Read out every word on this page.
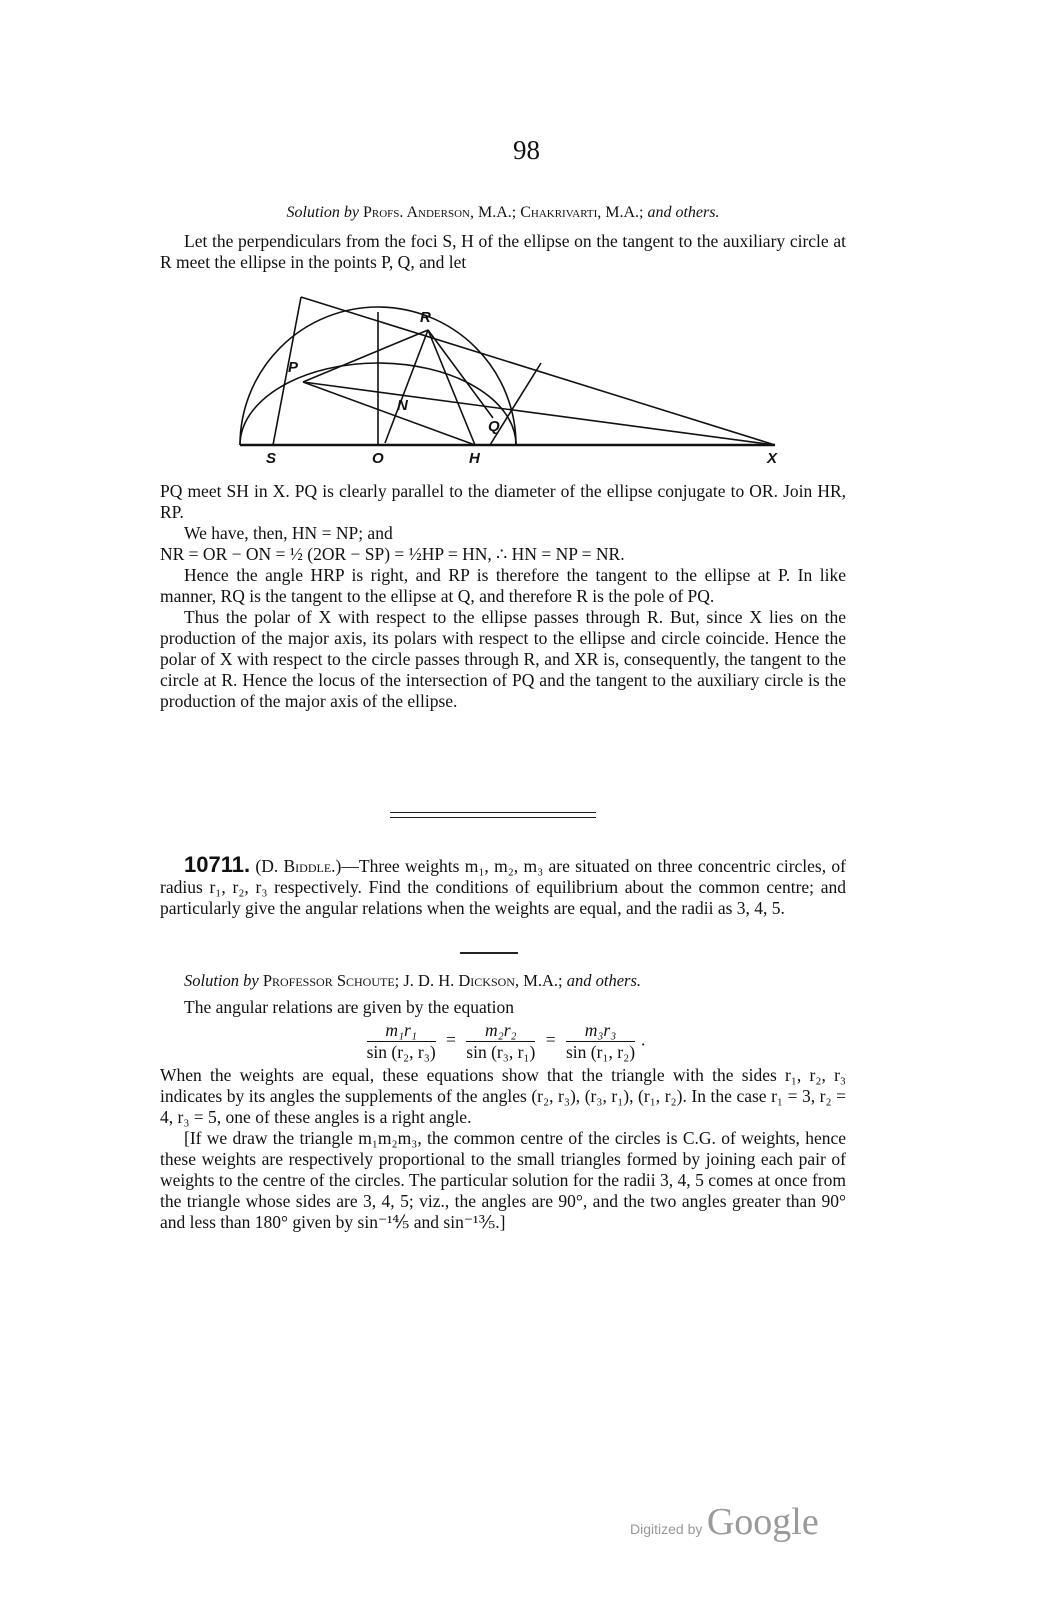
98

Solution by Profs. Anderson, M.A.; Chakrivarti, M.A.; and others.

Let the perpendiculars from the foci S, H of the ellipse on the tangent to the auxiliary circle at R meet the ellipse in the points P, Q, and let

R
P
N
Q
S	O	H	X

PQ meet SH in X. PQ is clearly parallel to the diameter of the ellipse conjugate to OR. Join HR, RP.

We have, then, HN = NP; and

NR = OR − ON = ½ (2OR − SP) = ½HP = HN, ∴ HN = NP = NR.

Hence the angle HRP is right, and RP is therefore the tangent to the ellipse at P. In like manner, RQ is the tangent to the ellipse at Q, and therefore R is the pole of PQ.

Thus the polar of X with respect to the ellipse passes through R. But, since X lies on the production of the major axis, its polars with respect to the ellipse and circle coincide. Hence the polar of X with respect to the circle passes through R, and XR is, consequently, the tangent to the circle at R. Hence the locus of the intersection of PQ and the tangent to the auxiliary circle is the production of the major axis of the ellipse.

10711. (D. Biddle.)—Three weights m₁, m₂, m₃ are situated on three concentric circles, of radius r₁, r₂, r₃ respectively. Find the conditions of equilibrium about the common centre; and particularly give the angular relations when the weights are equal, and the radii as 3, 4, 5.

Solution by Professor Schoute; J. D. H. Dickson, M.A.; and others.

The angular relations are given by the equation

$\frac{\text{m₁r₁}}{\text{sin (r₂, r₃)}} = \frac{\text{m₂r₂}}{\text{sin (r₃, r₁)}} = \frac{\text{m₃r₃}}{\text{sin (r₁, r₂)}}$ .

When the weights are equal, these equations show that the triangle with the sides r₁, r₂, r₃ indicates by its angles the supplements of the angles (r₂, r₃), (r₃, r₁), (r₁, r₂). In the case r₁ = 3, r₂ = 4, r₃ = 5, one of these angles is a right angle.

[If we draw the triangle m₁m₂m₃, the common centre of the circles is C.G. of weights, hence these weights are respectively proportional to the small triangles formed by joining each pair of weights to the centre of the circles. The particular solution for the radii 3, 4, 5 comes at once from the triangle whose sides are 3, 4, 5; viz., the angles are 90°, and the two angles greater than 90° and less than 180° given by sin⁻¹⅘ and sin⁻¹⅗.]

Digitized by Google
